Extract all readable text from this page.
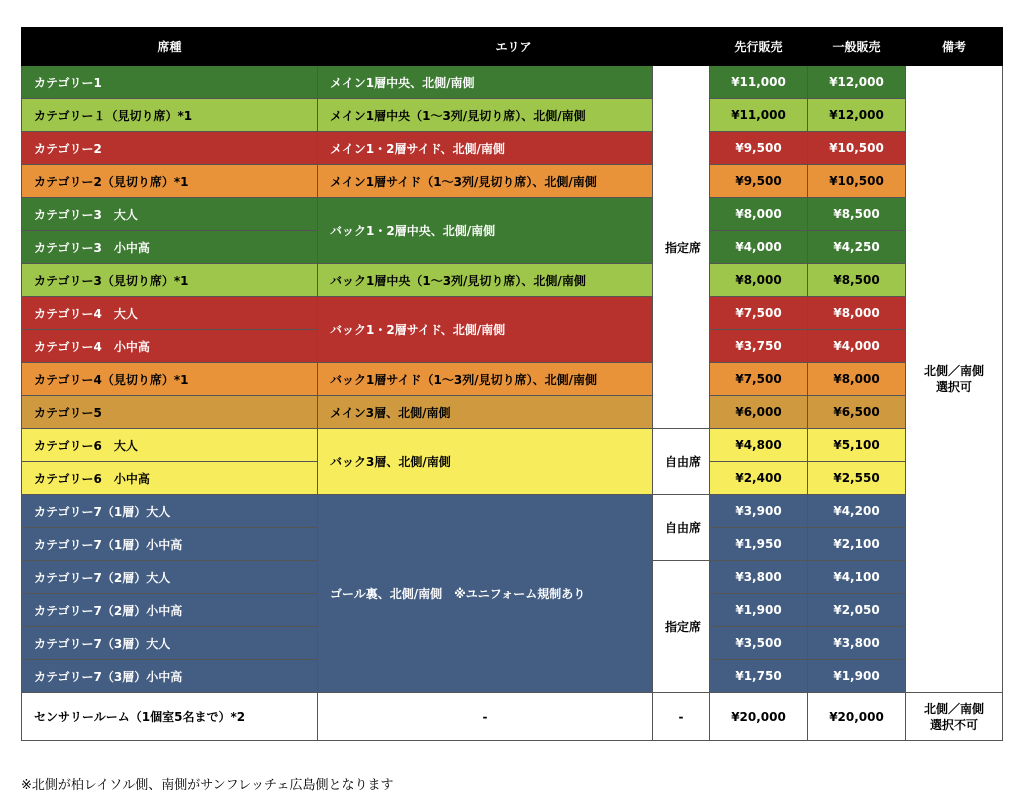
席種	エリア		先行販売	一般販売	備考
カテゴリー1	メイン1層中央、北側/南側	指定席	¥11,000	¥12,000	北側／南側
選択可
カテゴリー１（見切り席）*1	メイン1層中央（1〜3列/見切り席）、北側/南側		¥11,000	¥12,000	
カテゴリー2	メイン1・2層サイド、北側/南側		¥9,500	¥10,500	
カテゴリー2（見切り席）*1	メイン1層サイド（1〜3列/見切り席）、北側/南側		¥9,500	¥10,500	
カテゴリー3　大人	バック1・2層中央、北側/南側		¥8,000	¥8,500	
カテゴリー3　小中高			¥4,000	¥4,250	
カテゴリー3（見切り席）*1	バック1層中央（1〜3列/見切り席）、北側/南側		¥8,000	¥8,500	
カテゴリー4　大人	バック1・2層サイド、北側/南側		¥7,500	¥8,000	
カテゴリー4　小中高			¥3,750	¥4,000	
カテゴリー4（見切り席）*1	バック1層サイド（1〜3列/見切り席）、北側/南側		¥7,500	¥8,000	
カテゴリー5	メイン3層、北側/南側		¥6,000	¥6,500	
カテゴリー6　大人	バック3層、北側/南側	自由席	¥4,800	¥5,100	
カテゴリー6　小中高			¥2,400	¥2,550	
カテゴリー7（1層）大人	ゴール裏、北側/南側　※ユニフォーム規制あり	自由席	¥3,900	¥4,200	
カテゴリー7（1層）小中高			¥1,950	¥2,100	
カテゴリー7（2層）大人		指定席	¥3,800	¥4,100	
カテゴリー7（2層）小中高			¥1,900	¥2,050	
カテゴリー7（3層）大人			¥3,500	¥3,800	
カテゴリー7（3層）小中高			¥1,750	¥1,900	
センサリールーム（1個室5名まで）*2	-	-	¥20,000	¥20,000	北側／南側
選択不可
※北側が柏レイソル側、南側がサンフレッチェ広島側となります
